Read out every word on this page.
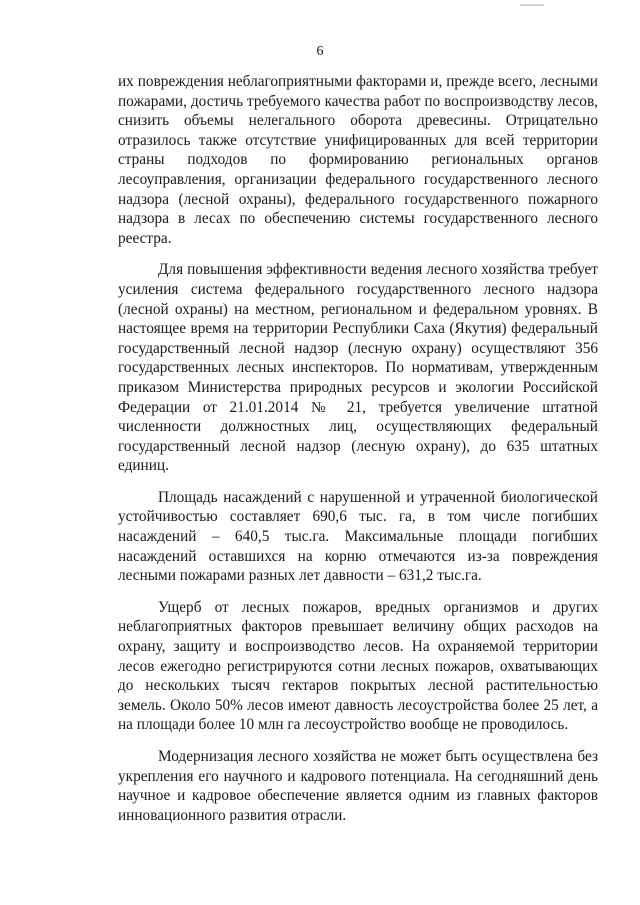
6

их повреждения неблагоприятными факторами и, прежде всего, лесными пожарами, достичь требуемого качества работ по воспроизводству лесов, снизить объемы нелегального оборота древесины. Отрицательно отразилось также отсутствие унифицированных для всей территории страны подходов по формированию региональных органов лесоуправления, организации федерального государственного лесного надзора (лесной охраны), федерального государственного пожарного надзора в лесах по обеспечению системы государственного лесного реестра.

Для повышения эффективности ведения лесного хозяйства требует усиления система федерального государственного лесного надзора (лесной охраны) на местном, региональном и федеральном уровнях. В настоящее время на территории Республики Саха (Якутия) федеральный государственный лесной надзор (лесную охрану) осуществляют 356 государственных лесных инспекторов. По нормативам, утвержденным приказом Министерства природных ресурсов и экологии Российской Федерации от 21.01.2014 № 21, требуется увеличение штатной численности должностных лиц, осуществляющих федеральный государственный лесной надзор (лесную охрану), до 635 штатных единиц.

Площадь насаждений с нарушенной и утраченной биологической устойчивостью составляет 690,6 тыс. га, в том числе погибших насаждений – 640,5 тыс.га. Максимальные площади погибших насаждений оставшихся на корню отмечаются из-за повреждения лесными пожарами разных лет давности – 631,2 тыс.га.

Ущерб от лесных пожаров, вредных организмов и других неблагоприятных факторов превышает величину общих расходов на охрану, защиту и воспроизводство лесов. На охраняемой территории лесов ежегодно регистрируются сотни лесных пожаров, охватывающих до нескольких тысяч гектаров покрытых лесной растительностью земель. Около 50% лесов имеют давность лесоустройства более 25 лет, а на площади более 10 млн га лесоустройство вообще не проводилось.

Модернизация лесного хозяйства не может быть осуществлена без укрепления его научного и кадрового потенциала. На сегодняшний день научное и кадровое обеспечение является одним из главных факторов инновационного развития отрасли.
